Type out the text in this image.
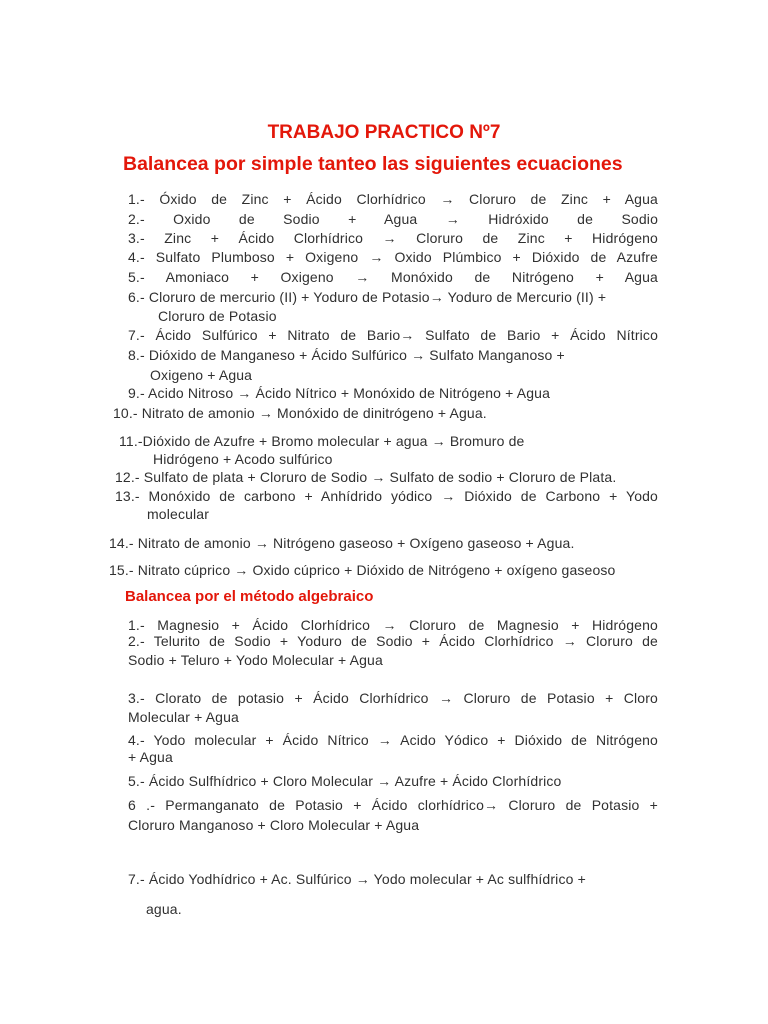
TRABAJO PRACTICO Nº7
Balancea por simple tanteo las siguientes ecuaciones

1.- Óxido de Zinc + Ácido Clorhídrico → Cloruro de Zinc + Agua

2.- Oxido de Sodio + Agua → Hidróxido de Sodio

3.- Zinc + Ácido Clorhídrico → Cloruro de Zinc + Hidrógeno

4.- Sulfato Plumboso + Oxigeno → Oxido Plúmbico + Dióxido de Azufre

5.- Amoniaco + Oxigeno → Monóxido de Nitrógeno + Agua

6.- Cloruro de mercurio (II) + Yoduro de Potasio→ Yoduro de Mercurio (II) +

Cloruro de Potasio

7.- Ácido Sulfúrico + Nitrato de Bario→ Sulfato de Bario + Ácido Nítrico

8.- Dióxido de Manganeso + Ácido Sulfúrico → Sulfato Manganoso +

Oxigeno + Agua

9.- Acido Nitroso → Ácido Nítrico + Monóxido de Nitrógeno + Agua

10.- Nitrato de amonio → Monóxido de dinitrógeno + Agua.

11.-Dióxido de Azufre + Bromo molecular + agua → Bromuro de

Hidrógeno + Acodo sulfúrico

12.- Sulfato de plata + Cloruro de Sodio → Sulfato de sodio + Cloruro de Plata.

13.- Monóxido de carbono + Anhídrido yódico → Dióxido de Carbono + Yodo

molecular

14.- Nitrato de amonio → Nitrógeno gaseoso + Oxígeno gaseoso + Agua.

15.- Nitrato cúprico → Oxido cúprico + Dióxido de Nitrógeno + oxígeno gaseoso

Balancea por el método algebraico

1.- Magnesio + Ácido Clorhídrico → Cloruro de Magnesio + Hidrógeno

2.- Telurito de Sodio + Yoduro de Sodio + Ácido Clorhídrico → Cloruro de

Sodio + Teluro + Yodo Molecular + Agua

3.- Clorato de potasio + Ácido Clorhídrico → Cloruro de Potasio + Cloro

Molecular + Agua

4.- Yodo molecular + Ácido Nítrico → Acido Yódico + Dióxido de Nitrógeno

+ Agua

5.- Ácido Sulfhídrico + Cloro Molecular → Azufre + Ácido Clorhídrico

6 .- Permanganato de Potasio + Ácido clorhídrico→ Cloruro de Potasio +

Cloruro Manganoso + Cloro Molecular + Agua

7.- Ácido Yodhídrico + Ac. Sulfúrico → Yodo molecular + Ac sulfhídrico +

agua.
